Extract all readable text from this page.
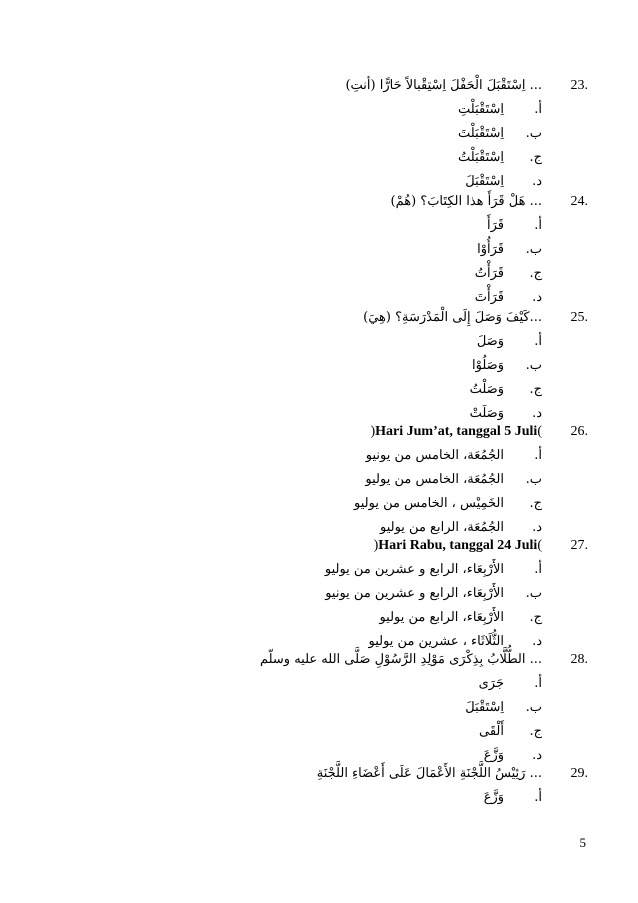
23.
... اِسْتَقْبَلَ الْحَفْلَ اِسْتِقْبالاً حَارًّا (أنتِ)
أ.
اِسْتَقْبَلْتِ
ب.
اِسْتَقْبَلْتَ
ج.
اِسْتَقْبَلْتُ
د.
اِسْتَقْبَلَ
24.
... هَلْ قَرَأَ هذا الكِتَابَ؟ (هُمْ)
أ.
قَرَأَ
ب.
قَرَأُوْا
ج.
قَرَأْتُ
د.
قَرَأْتَ
25.
...كَيْفَ وَصَلَ إِلَى الْمَدْرَسَةِ؟ (هِيَ)
أ.
وَصَلَ
ب.
وَصَلُوْا
ج.
وَصَلْتُ
د.
وَصَلَتْ
26.
)Hari Jum’at, tanggal 5 Juli(
أ.
الجُمُعَة، الخامس من يونيو
ب.
الجُمُعَة، الخامس من يوليو
ج.
الخَمِيْس ، الخامس من يوليو
د.
الجُمُعَة، الرابع من يوليو
27.
)Hari Rabu, tanggal 24 Juli(
أ.
الأَرْبِعَاء، الرابع و عشرين من يوليو
ب.
الأَرْبِعَاء، الرابع و عشرين من يونيو
ج.
الأَرْبِعَاء، الرابع من يوليو
د.
الثُّلَاثَاء ، عشرين من يوليو
28.
... الطُّلَّابُ بِذِكْرَى مَوْلِدِ الرَّسُوْلِ صَلَّى الله عليه وسلّم
أ.
جَرَى
ب.
اِسْتَقْبَلَ
ج.
أَلْقَى
د.
وَزَّعَ
29.
... رَئِيْسُ اللَّجْنَةِ الأَعْمَالَ عَلَى أَعْضَاءِ اللَّجْنَةِ
أ.
وَزَّعَ
5
